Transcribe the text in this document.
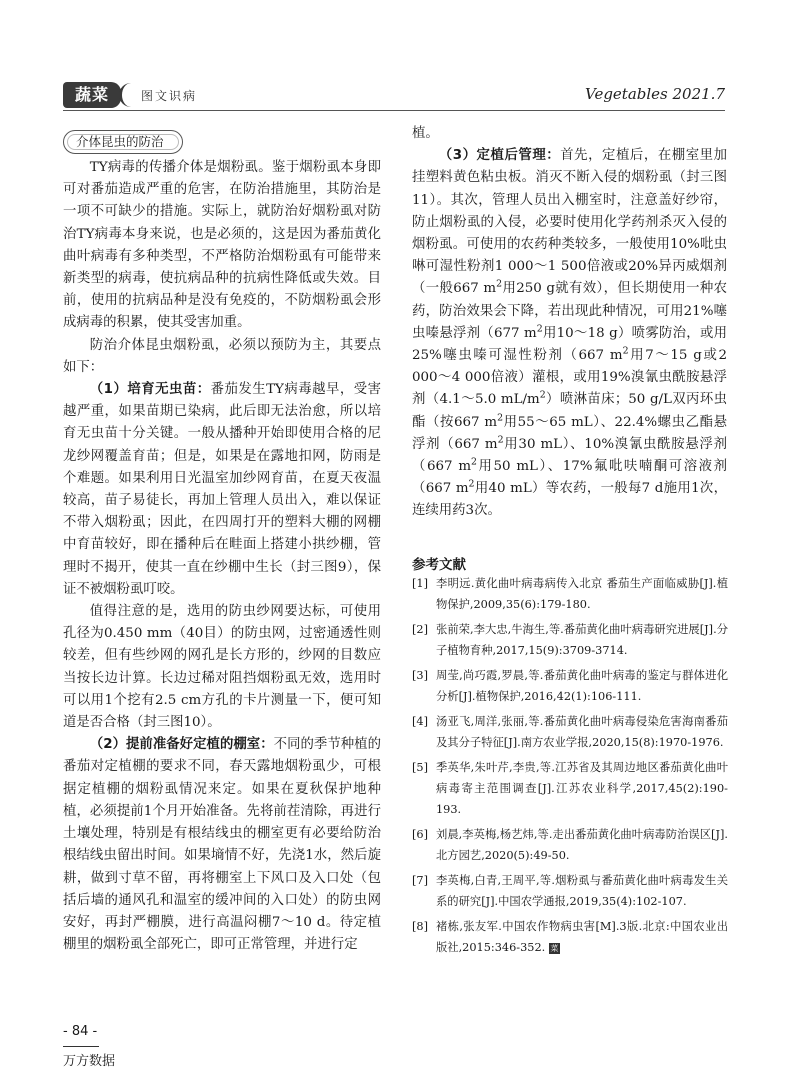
蔬菜	图文识病	Vegetables 2021.7
介体昆虫的防治

TY病毒的传播介体是烟粉虱。鉴于烟粉虱本身即可对番茄造成严重的危害，在防治措施里，其防治是一项不可缺少的措施。实际上，就防治好烟粉虱对防治TY病毒本身来说，也是必须的，这是因为番茄黄化曲叶病毒有多种类型，不严格防治烟粉虱有可能带来新类型的病毒，使抗病品种的抗病性降低或失效。目前，使用的抗病品种是没有免疫的，不防烟粉虱会形成病毒的积累，使其受害加重。

防治介体昆虫烟粉虱，必须以预防为主，其要点如下：

（1）培育无虫苗：番茄发生TY病毒越早，受害越严重，如果苗期已染病，此后即无法治愈，所以培育无虫苗十分关键。一般从播种开始即使用合格的尼龙纱网覆盖育苗；但是，如果是在露地扣网，防雨是个难题。如果利用日光温室加纱网育苗，在夏天夜温较高，苗子易徒长，再加上管理人员出入，难以保证不带入烟粉虱；因此，在四周打开的塑料大棚的网棚中育苗较好，即在播种后在畦面上搭建小拱纱棚，管理时不揭开，使其一直在纱棚中生长（封三图9），保证不被烟粉虱叮咬。

值得注意的是，选用的防虫纱网要达标，可使用孔径为0.450 mm（40目）的防虫网，过密通透性则较差，但有些纱网的网孔是长方形的，纱网的目数应当按长边计算。长边过稀对阻挡烟粉虱无效，选用时可以用1个挖有2.5 cm方孔的卡片测量一下，便可知道是否合格（封三图10）。

（2）提前准备好定植的棚室：不同的季节种植的番茄对定植棚的要求不同，春天露地烟粉虱少，可根据定植棚的烟粉虱情况来定。如果在夏秋保护地种植，必须提前1个月开始准备。先将前茬清除，再进行土壤处理，特别是有根结线虫的棚室更有必要给防治根结线虫留出时间。如果墒情不好，先浇1水，然后旋耕，做到寸草不留，再将棚室上下风口及入口处（包括后墙的通风孔和温室的缓冲间的入口处）的防虫网安好，再封严棚膜，进行高温闷棚7～10 d。待定植棚里的烟粉虱全部死亡，即可正常管理，并进行定

植。

（3）定植后管理：首先，定植后，在棚室里加挂塑料黄色粘虫板。消灭不断入侵的烟粉虱（封三图11）。其次，管理人员出入棚室时，注意盖好纱帘，防止烟粉虱的入侵，必要时使用化学药剂杀灭入侵的烟粉虱。可使用的农药种类较多，一般使用10%吡虫啉可湿性粉剂1 000～1 500倍液或20%异丙威烟剂（一般667 $m^2$用250 g就有效），但长期使用一种农药，防治效果会下降，若出现此种情况，可用21%噻虫嗪悬浮剂（677 $m^2$用10～18 g）喷雾防治，或用25%噻虫嗪可湿性粉剂（667 $m^2$用7～15 g或2 000～4 000倍液）灌根，或用19%溴氰虫酰胺悬浮剂（4.1～5.0 $mL/m^2$）喷淋苗床；50 g/L双丙环虫酯（按667 $m^2$用55～65 mL）、22.4%螺虫乙酯悬浮剂（667 $m^2$用30 mL）、10%溴氰虫酰胺悬浮剂（667 $m^2$用50 mL）、17%氟吡呋喃酮可溶液剂（667 $m^2$用40 mL）等农药，一般每7 d施用1次，连续用药3次。

参考文献
[1] 李明远.黄化曲叶病毒病传入北京 番茄生产面临威胁[J].植物保护,2009,35(6):179-180.
[2] 张前荣,李大忠,牛海生,等.番茄黄化曲叶病毒研究进展[J].分子植物育种,2017,15(9):3709-3714.
[3] 周莹,尚巧霞,罗晨,等.番茄黄化曲叶病毒的鉴定与群体进化分析[J].植物保护,2016,42(1):106-111.
[4] 汤亚飞,周洋,张丽,等.番茄黄化曲叶病毒侵染危害海南番茄及其分子特征[J].南方农业学报,2020,15(8):1970-1976.
[5] 季英华,朱叶芹,李贵,等.江苏省及其周边地区番茄黄化曲叶病毒寄主范围调查[J].江苏农业科学,2017,45(2):190-193.
[6] 刘晨,李英梅,杨艺炜,等.走出番茄黄化曲叶病毒防治误区[J].北方园艺,2020(5):49-50.
[7] 李英梅,白青,王周平,等.烟粉虱与番茄黄化曲叶病毒发生关系的研究[J].中国农学通报,2019,35(4):102-107.
[8] 褚栋,张友军.中国农作物病虫害[M].3版.北京:中国农业出版社,2015:346-352. 菜
- 84 -
万方数据
